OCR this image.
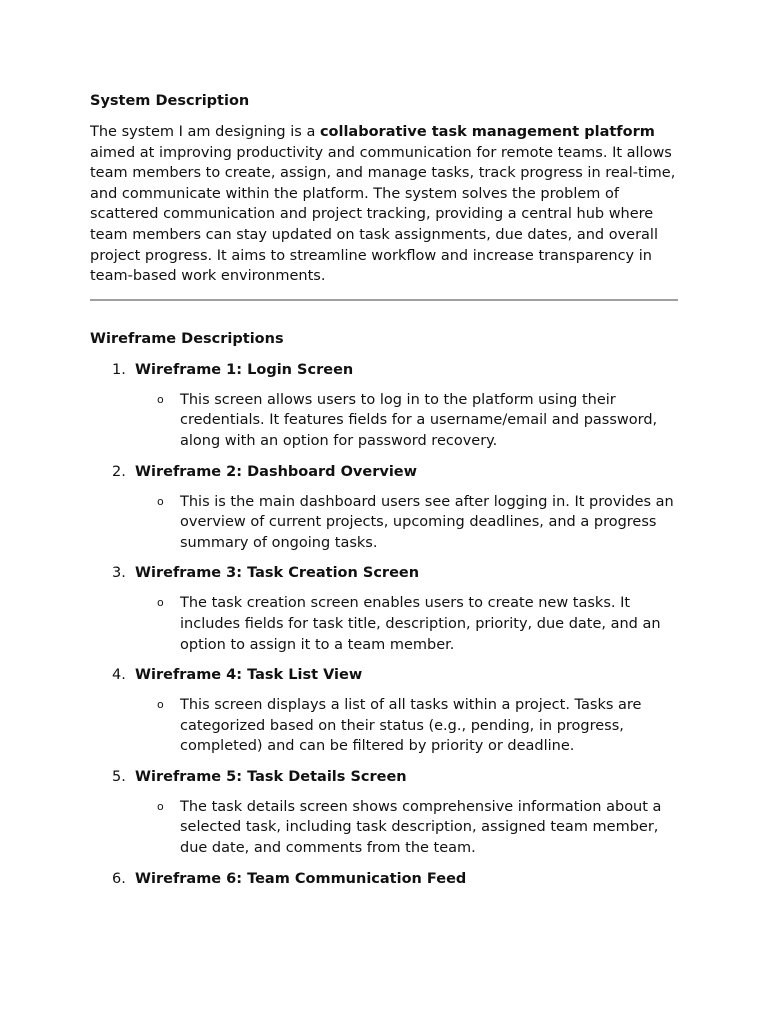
System Description

The system I am designing is a collaborative task management platform aimed at improving productivity and communication for remote teams. It allows team members to create, assign, and manage tasks, track progress in real-time, and communicate within the platform. The system solves the problem of scattered communication and project tracking, providing a central hub where team members can stay updated on task assignments, due dates, and overall project progress. It aims to streamline workflow and increase transparency in team-based work environments.

Wireframe Descriptions

1. Wireframe 1: Login Screen
o This screen allows users to log in to the platform using their credentials. It features fields for a username/email and password, along with an option for password recovery.
2. Wireframe 2: Dashboard Overview
o This is the main dashboard users see after logging in. It provides an overview of current projects, upcoming deadlines, and a progress summary of ongoing tasks.
3. Wireframe 3: Task Creation Screen
o The task creation screen enables users to create new tasks. It includes fields for task title, description, priority, due date, and an option to assign it to a team member.
4. Wireframe 4: Task List View
o This screen displays a list of all tasks within a project. Tasks are categorized based on their status (e.g., pending, in progress, completed) and can be filtered by priority or deadline.
5. Wireframe 5: Task Details Screen
o The task details screen shows comprehensive information about a selected task, including task description, assigned team member, due date, and comments from the team.
6. Wireframe 6: Team Communication Feed
